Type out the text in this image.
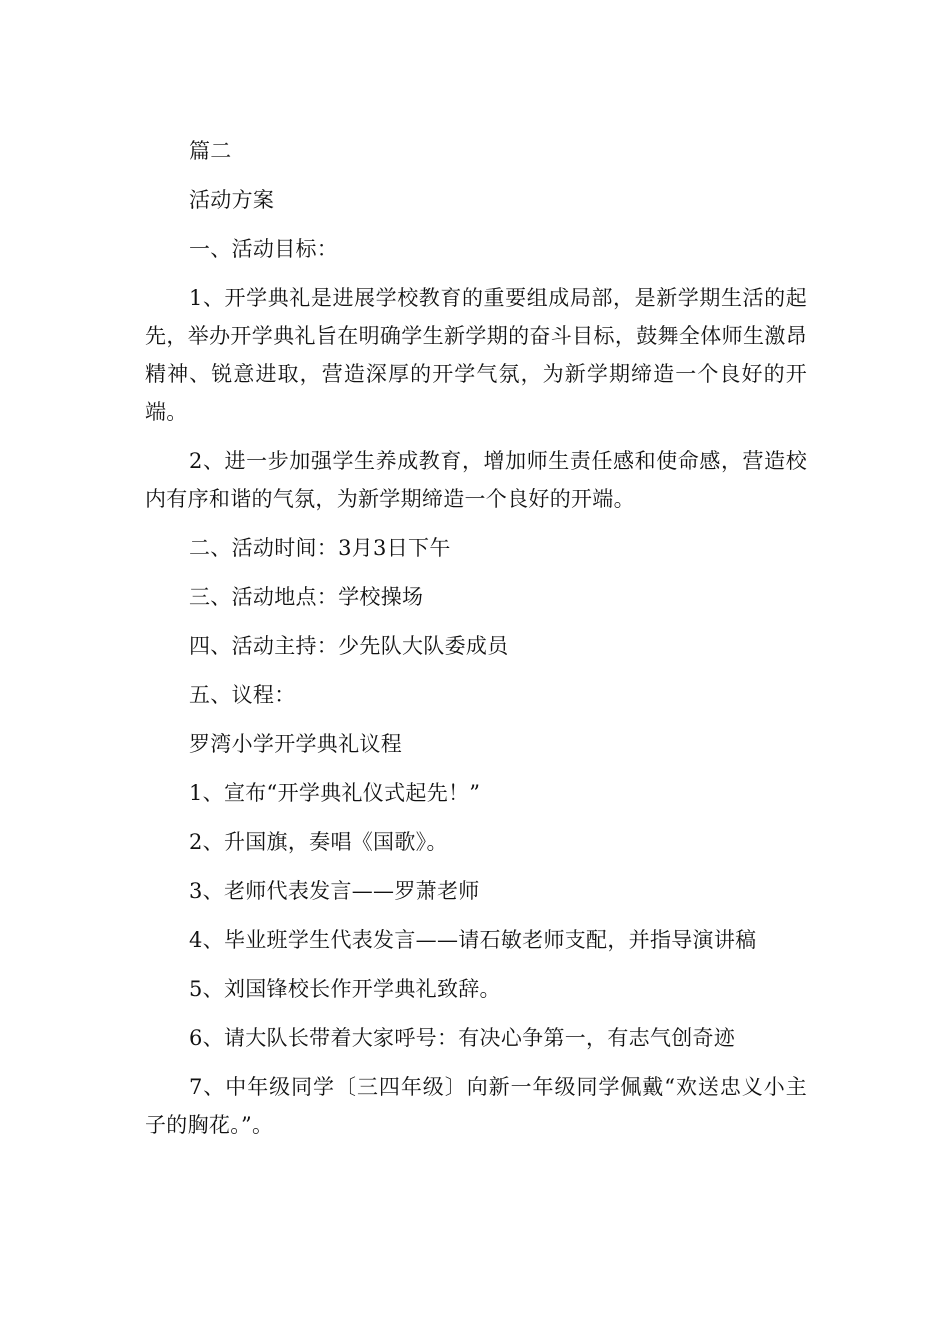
篇二

活动方案

一、活动目标：

1、开学典礼是进展学校教育的重要组成局部，是新学期生活的起先，举办开学典礼旨在明确学生新学期的奋斗目标，鼓舞全体师生激昂精神、锐意进取，营造深厚的开学气氛，为新学期缔造一个良好的开端。

2、进一步加强学生养成教育，增加师生责任感和使命感，营造校内有序和谐的气氛，为新学期缔造一个良好的开端。

二、活动时间：3月3日下午

三、活动地点：学校操场

四、活动主持：少先队大队委成员

五、议程：

罗湾小学开学典礼议程

1、宣布“开学典礼仪式起先！”

2、升国旗，奏唱《国歌》。

3、老师代表发言——罗萧老师

4、毕业班学生代表发言——请石敏老师支配，并指导演讲稿

5、刘国锋校长作开学典礼致辞。

6、请大队长带着大家呼号：有决心争第一，有志气创奇迹

7、中年级同学〔三四年级〕向新一年级同学佩戴“欢送忠义小主子的胸花。”。
